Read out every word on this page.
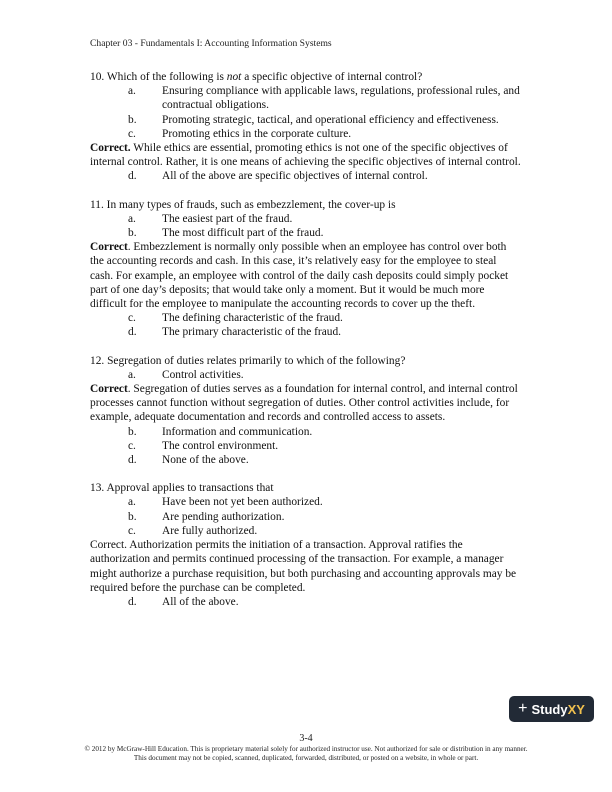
Chapter 03 - Fundamentals I: Accounting Information Systems

10. Which of the following is not a specific objective of internal control?

a.	Ensuring compliance with applicable laws, regulations, professional rules, and contractual obligations.
b.	Promoting strategic, tactical, and operational efficiency and effectiveness.
c.	Promoting ethics in the corporate culture.

Correct. While ethics are essential, promoting ethics is not one of the specific objectives of internal control. Rather, it is one means of achieving the specific objectives of internal control.

d.	All of the above are specific objectives of internal control.

11. In many types of frauds, such as embezzlement, the cover-up is

a.	The easiest part of the fraud.
b.	The most difficult part of the fraud.

Correct. Embezzlement is normally only possible when an employee has control over both the accounting records and cash. In this case, it’s relatively easy for the employee to steal cash. For example, an employee with control of the daily cash deposits could simply pocket part of one day’s deposits; that would take only a moment. But it would be much more difficult for the employee to manipulate the accounting records to cover up the theft.

c.	The defining characteristic of the fraud.
d.	The primary characteristic of the fraud.

12. Segregation of duties relates primarily to which of the following?

a.	Control activities.

Correct. Segregation of duties serves as a foundation for internal control, and internal control processes cannot function without segregation of duties. Other control activities include, for example, adequate documentation and records and controlled access to assets.

b.	Information and communication.
c.	The control environment.
d.	None of the above.

13. Approval applies to transactions that

a.	Have been not yet been authorized.
b.	Are pending authorization.
c.	Are fully authorized.

Correct. Authorization permits the initiation of a transaction. Approval ratifies the authorization and permits continued processing of the transaction. For example, a manager might authorize a purchase requisition, but both purchasing and accounting approvals may be required before the purchase can be completed.

d.	All of the above.
+ Study XY
3-4
© 2012 by McGraw-Hill Education. This is proprietary material solely for authorized instructor use. Not authorized for sale or distribution in any manner. This document may not be copied, scanned, duplicated, forwarded, distributed, or posted on a website, in whole or part.
